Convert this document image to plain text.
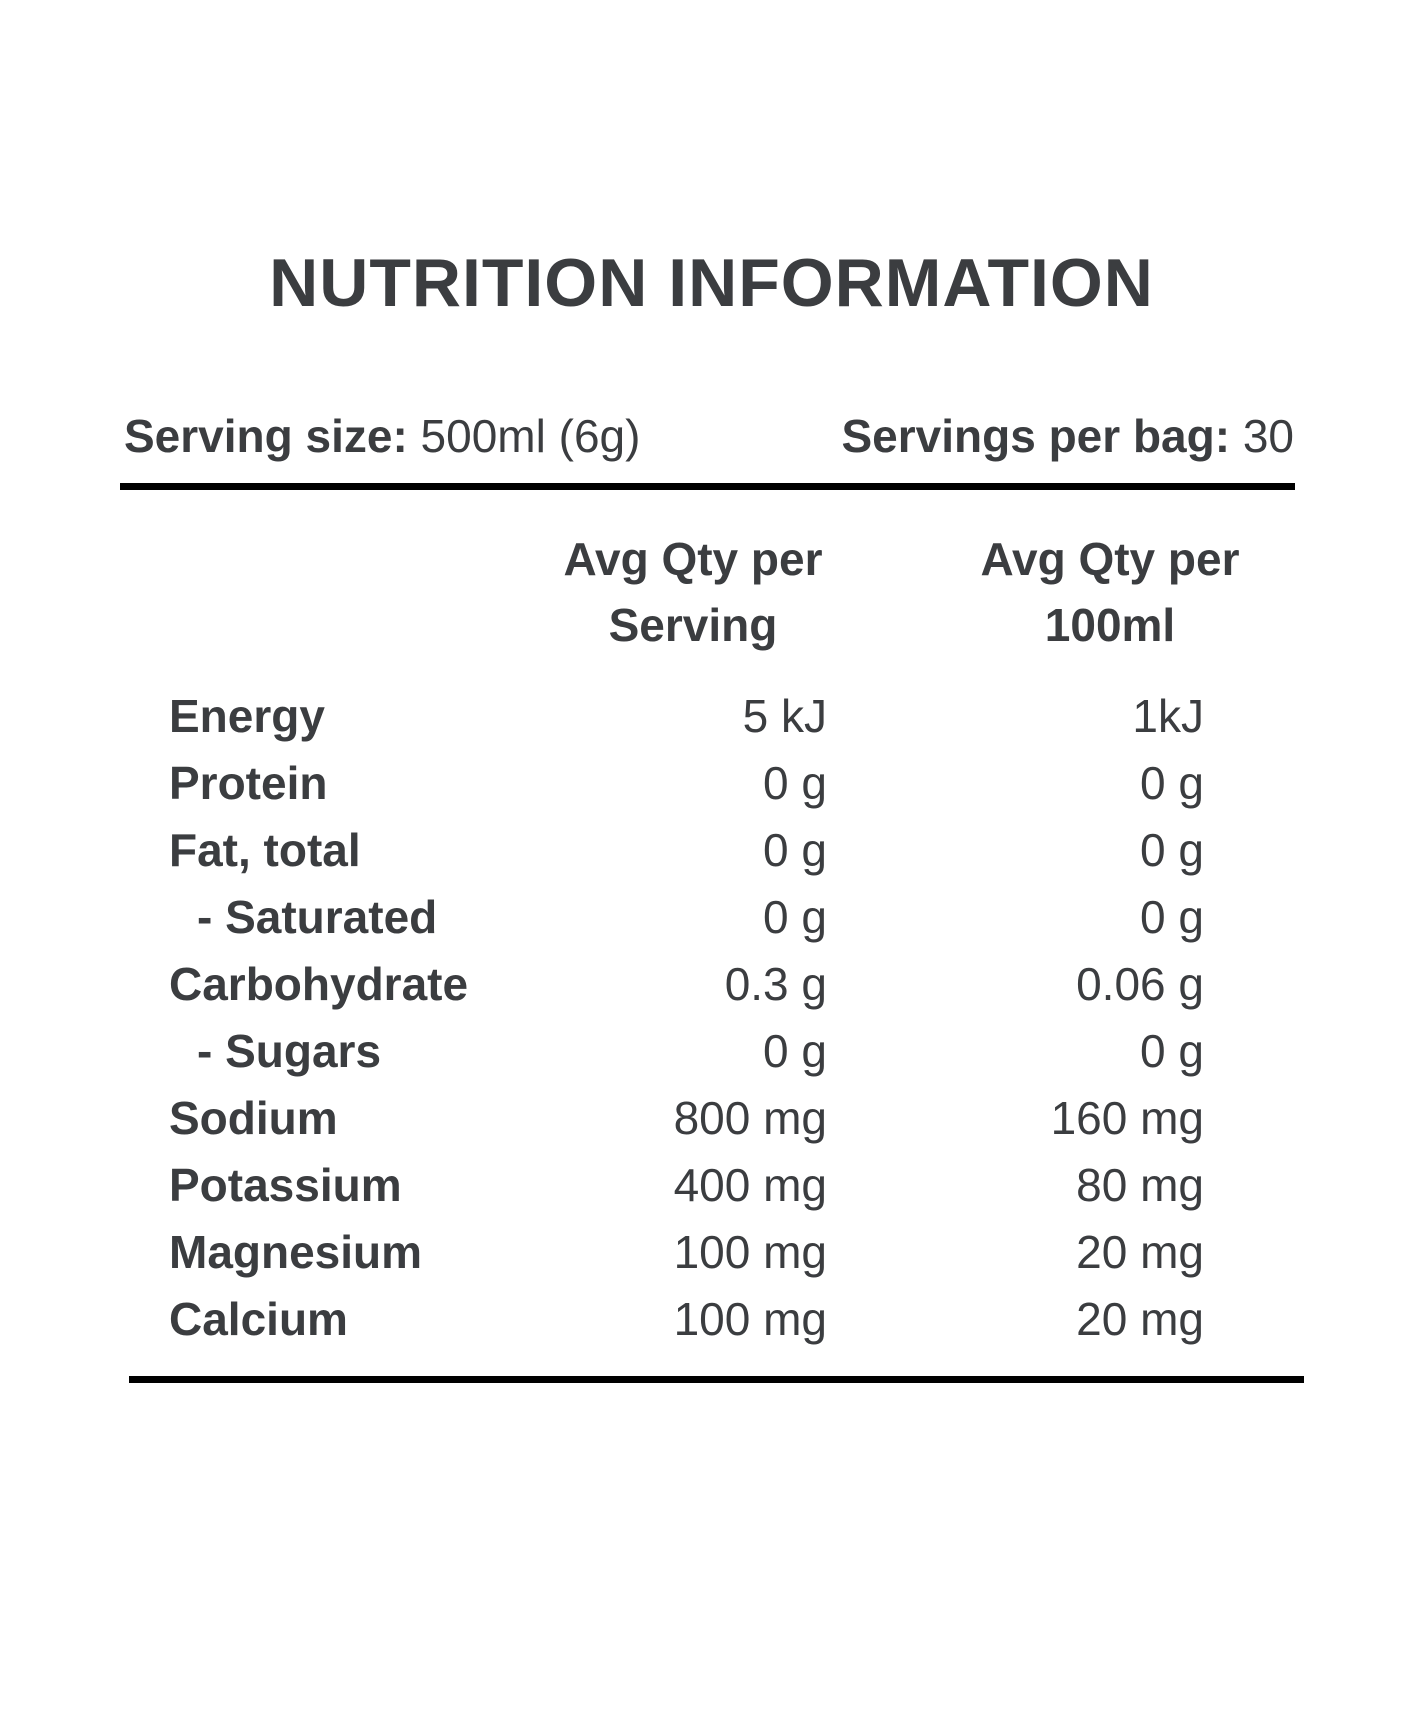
NUTRITION INFORMATION
Serving size: 500ml (6g)	Servings per bag: 30
Avg Qty per
Serving
Avg Qty per
100ml
Energy	5 kJ	1kJ
Protein	0 g	0 g
Fat, total	0 g	0 g
- Saturated	0 g	0 g
Carbohydrate	0.3 g	0.06 g
- Sugars	0 g	0 g
Sodium	800 mg	160 mg
Potassium	400 mg	80 mg
Magnesium	100 mg	20 mg
Calcium	100 mg	20 mg
